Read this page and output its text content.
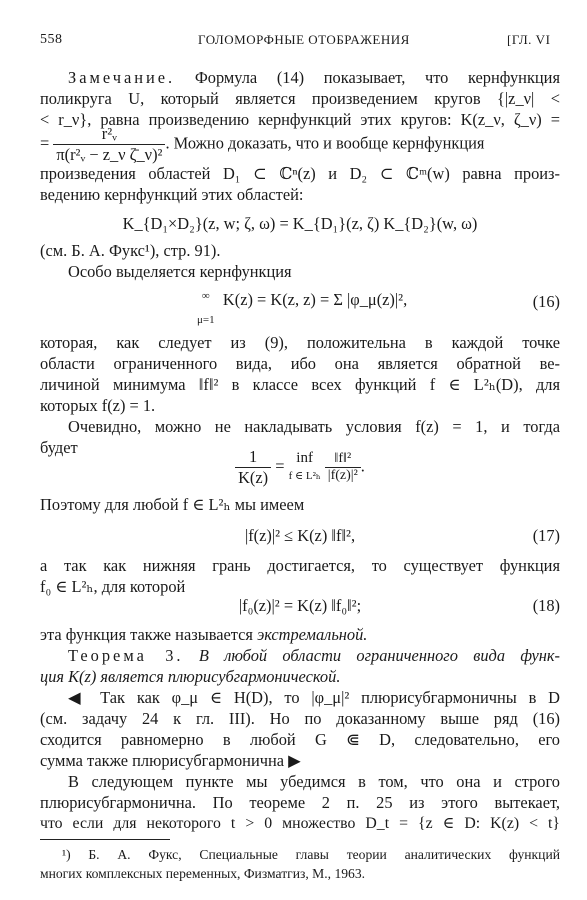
558	ГОЛОМОРФНЫЕ ОТОБРАЖЕНИЯ	[ГЛ. VI
Замечание. Формула (14) показывает, что кернфункция
поликруга U, который является произведением кругов {|z_ν| <
< r_ν}, равна произведению кернфункций этих кругов: K(z_ν, ζ_ν) =
= $\frac{\text{r²ᵥ}}{\text{π(r²ᵥ − z\_ν ζ̄\_ν)²}}$ . Можно доказать, что и вообще кернфункция
произведения областей D₁ ⊂ ℂⁿ(z) и D₂ ⊂ ℂᵐ(w) равна произ-
ведению кернфункций этих областей:
K_{D₁×D₂}(z, w; ζ, ω) = K_{D₁}(z, ζ) K_{D₂}(w, ω)
(см. Б. А. Фукс¹), стр. 91).
Особо выделяется кернфункция
∞

μ=1 K(z) = K(z, z) = Σ |φ_μ(z)|²,	(16)
которая, как следует из (9), положительна в каждой точке
области ограниченного вида, ибо она является обратной ве-
личиной минимума ‖f‖² в классе всех функций f ∈ L²ₕ(D), для
которых f(z) = 1.
Очевидно, можно не накладывать условия f(z) = 1, и тогда
будет	$\frac{1}{K(z)}$ = inf
f ∈ $L^2_h \frac{\text{‖f‖²}}{\text{|f(z)|²}}$ .
Поэтому для любой f ∈ L²ₕ мы имеем
|f(z)|² ≤ K(z) ‖f‖²,	(17)
а так как нижняя грань достигается, то существует функция
f₀ ∈ L²ₕ, для которой
|f₀(z)|² = K(z) ‖f₀‖²;	(18)
эта функция также называется экстремальной.
Теорема 3. В любой области ограниченного вида функ-
ция K(z) является плюрисубгармонической.
◀ Так как φ_μ ∈ H(D), то |φ_μ|² плюрисубгармоничны в D
(см. задачу 24 к гл. III). Но по доказанному выше ряд (16)
сходится равномерно в любой G ⋐ D, следовательно, его
сумма также плюрисубгармонична ▶
В следующем пункте мы убедимся в том, что она и строго
плюрисубгармонична. По теореме 2 п. 25 из этого вытекает,
что если для некоторого t > 0 множество D_t = {z ∈ D: K(z) < t}
¹) Б. А. Фукс, Специальные главы теории аналитических функций
многих комплексных переменных, Физматгиз, М., 1963.
